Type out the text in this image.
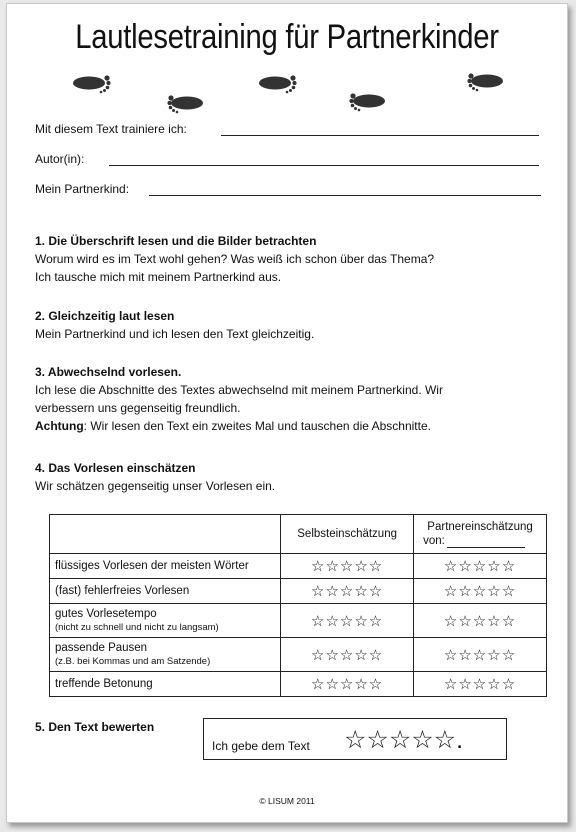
Lautlesetraining für Partnerkinder
Mit diesem Text trainiere ich:
Autor(in):
Mein Partnerkind:
1. Die Überschrift lesen und die Bilder betrachten
Worum wird es im Text wohl gehen? Was weiß ich schon über das Thema?
Ich tausche mich mit meinem Partnerkind aus.
2. Gleichzeitig laut lesen
Mein Partnerkind und ich lesen den Text gleichzeitig.
3. Abwechselnd vorlesen.
Ich lese die Abschnitte des Textes abwechselnd mit meinem Partnerkind. Wir
verbessern uns gegenseitig freundlich.
Achtung: Wir lesen den Text ein zweites Mal und tauschen die Abschnitte.
4. Das Vorlesen einschätzen
Wir schätzen gegenseitig unser Vorlesen ein.
	Selbsteinschätzung	Partnereinschätzung
von:

flüssiges Vorlesen der meisten Wörter	☆☆☆☆☆	☆☆☆☆☆
(fast) fehlerfreies Vorlesen	☆☆☆☆☆	☆☆☆☆☆
gutes Vorlesetempo
(nicht zu schnell und nicht zu langsam)	☆☆☆☆☆	☆☆☆☆☆
passende Pausen
(z.B. bei Kommas und am Satzende)	☆☆☆☆☆	☆☆☆☆☆
treffende Betonung	☆☆☆☆☆	☆☆☆☆☆
5. Den Text bewerten
Ich gebe dem Text ☆☆☆☆☆.
© LISUM 2011
